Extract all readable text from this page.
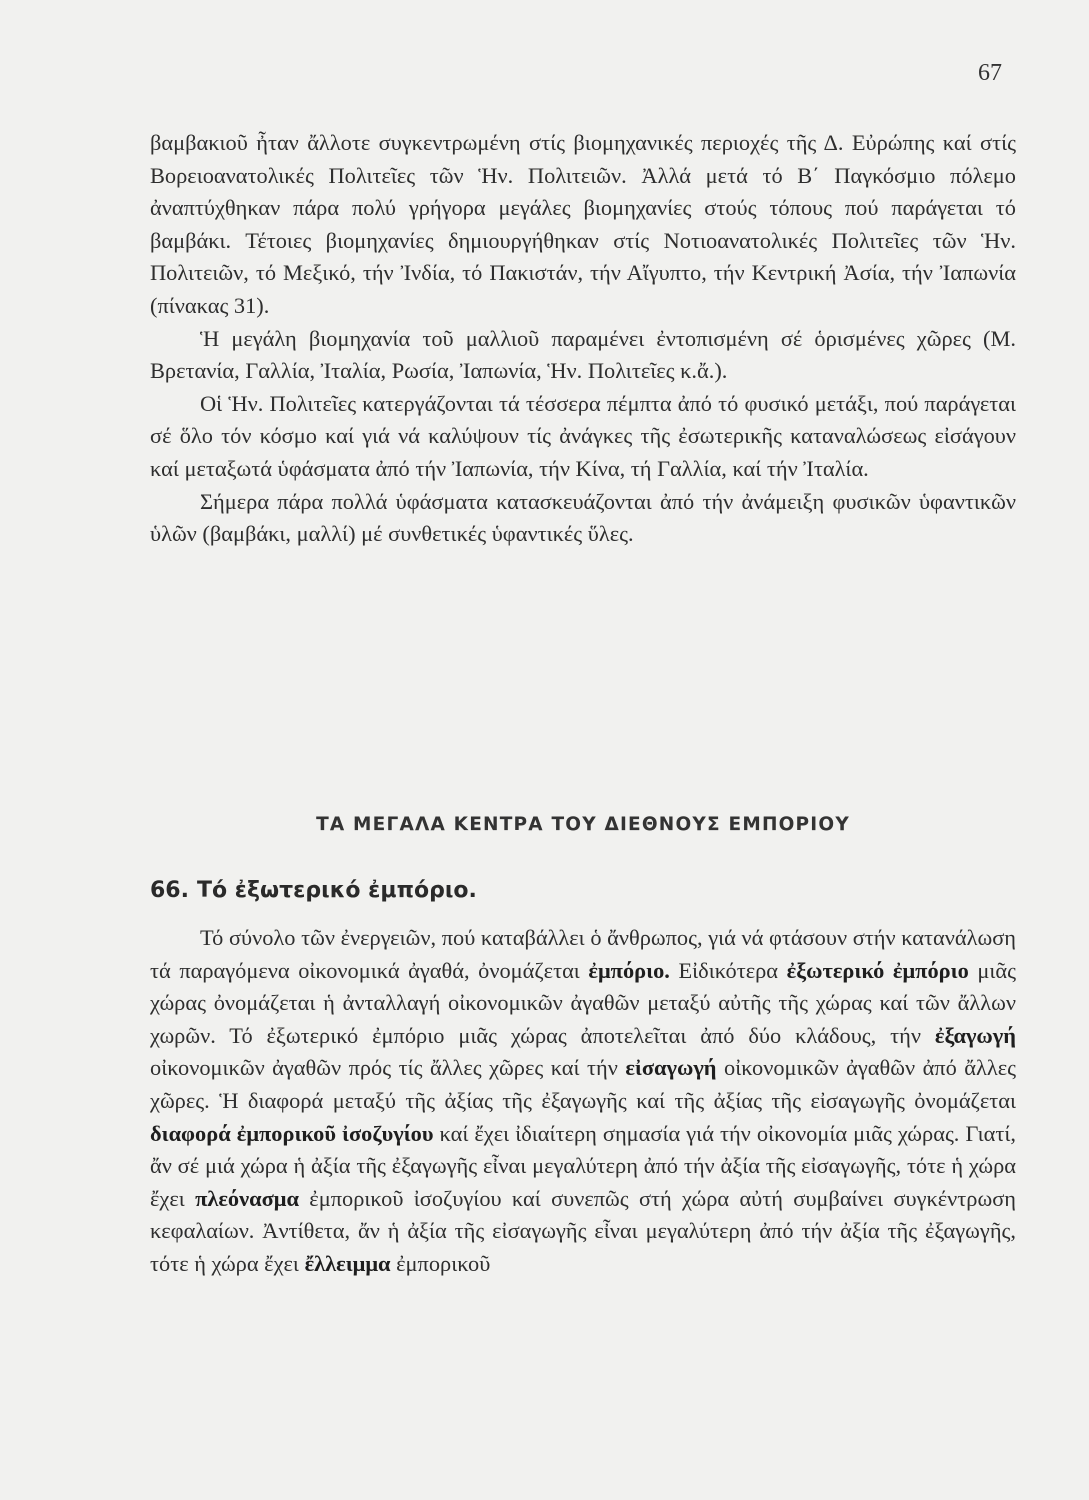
67

βαμβακιοῦ ἦταν ἄλλοτε συγκεντρωμένη στίς βιομηχανικές περιοχές τῆς Δ. Εὐρώπης καί στίς Βορειοανατολικές Πολιτεῖες τῶν Ἡν. Πολιτειῶν. Ἀλλά μετά τό Β΄ Παγκόσμιο πόλεμο ἀναπτύχθηκαν πάρα πολύ γρήγορα μεγάλες βιομηχανίες στούς τόπους πού παράγεται τό βαμβάκι. Τέτοιες βιομηχανίες δημιουργήθηκαν στίς Νοτιοανατολικές Πολιτεῖες τῶν Ἡν. Πολιτειῶν, τό Μεξικό, τήν Ἰνδία, τό Πακιστάν, τήν Αἴγυπτο, τήν Κεντρική Ἀσία, τήν Ἰαπωνία (πίνακας 31).

Ἡ μεγάλη βιομηχανία τοῦ μαλλιοῦ παραμένει ἐντοπισμένη σέ ὁρισμένες χῶρες (Μ. Βρετανία, Γαλλία, Ἰταλία, Ρωσία, Ἰαπωνία, Ἡν. Πολιτεῖες κ.ἄ.).

Οἱ Ἡν. Πολιτεῖες κατεργάζονται τά τέσσερα πέμπτα ἀπό τό φυσικό μετάξι, πού παράγεται σέ ὅλο τόν κόσμο καί γιά νά καλύψουν τίς ἀνάγκες τῆς ἐσωτερικῆς καταναλώσεως εἰσάγουν καί μεταξωτά ὑφάσματα ἀπό τήν Ἰαπωνία, τήν Κίνα, τή Γαλλία, καί τήν Ἰταλία.

Σήμερα πάρα πολλά ὑφάσματα κατασκευάζονται ἀπό τήν ἀνάμειξη φυσικῶν ὑφαντικῶν ὑλῶν (βαμβάκι, μαλλί) μέ συνθετικές ὑφαντικές ὕλες.

ΤΑ ΜΕΓΑΛΑ ΚΕΝΤΡΑ ΤΟΥ ΔΙΕΘΝΟΥΣ ΕΜΠΟΡΙΟΥ
66. Τό ἐξωτερικό ἐμπόριο.

Τό σύνολο τῶν ἐνεργειῶν, πού καταβάλλει ὁ ἄνθρωπος, γιά νά φτάσουν στήν κατανάλωση τά παραγόμενα οἰκονομικά ἀγαθά, ὀνομάζεται ἐμπόριο. Εἰδικότερα ἐξωτερικό ἐμπόριο μιᾶς χώρας ὀνομάζεται ἡ ἀνταλλαγή οἰκονομικῶν ἀγαθῶν μεταξύ αὐτῆς τῆς χώρας καί τῶν ἄλλων χωρῶν. Τό ἐξωτερικό ἐμπόριο μιᾶς χώρας ἀποτελεῖται ἀπό δύο κλάδους, τήν ἐξαγωγή οἰκονομικῶν ἀγαθῶν πρός τίς ἄλλες χῶρες καί τήν εἰσαγωγή οἰκονομικῶν ἀγαθῶν ἀπό ἄλλες χῶρες. Ἡ διαφορά μεταξύ τῆς ἀξίας τῆς ἐξαγωγῆς καί τῆς ἀξίας τῆς εἰσαγωγῆς ὀνομάζεται διαφορά ἐμπορικοῦ ἰσοζυγίου καί ἔχει ἰδιαίτερη σημασία γιά τήν οἰκονομία μιᾶς χώρας. Γιατί, ἄν σέ μιά χώρα ἡ ἀξία τῆς ἐξαγωγῆς εἶναι μεγαλύτερη ἀπό τήν ἀξία τῆς εἰσαγωγῆς, τότε ἡ χώρα ἔχει πλεόνασμα ἐμπορικοῦ ἰσοζυγίου καί συνεπῶς στή χώρα αὐτή συμβαίνει συγκέντρωση κεφαλαίων. Ἀντίθετα, ἄν ἡ ἀξία τῆς εἰσαγωγῆς εἶναι μεγαλύτερη ἀπό τήν ἀξία τῆς ἐξαγωγῆς, τότε ἡ χώρα ἔχει ἔλλειμμα ἐμπορικοῦ
